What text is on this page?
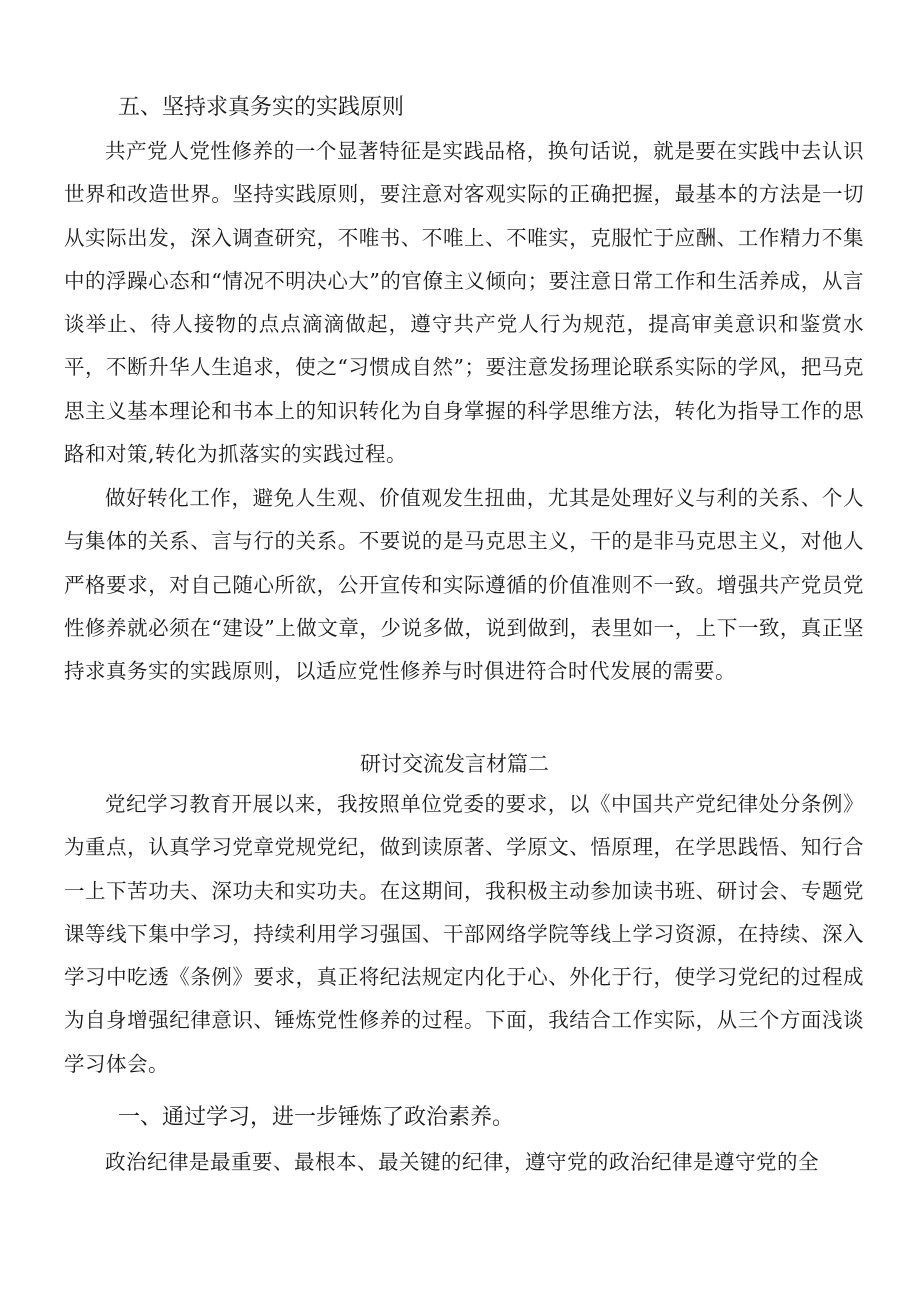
五、坚持求真务实的实践原则

共产党人党性修养的一个显著特征是实践品格，换句话说，就是要在实践中去认识世界和改造世界。坚持实践原则，要注意对客观实际的正确把握，最基本的方法是一切从实际出发，深入调查研究，不唯书、不唯上、不唯实，克服忙于应酬、工作精力不集中的浮躁心态和“情况不明决心大”的官僚主义倾向；要注意日常工作和生活养成，从言谈举止、待人接物的点点滴滴做起，遵守共产党人行为规范，提高审美意识和鉴赏水平，不断升华人生追求，使之“习惯成自然”；要注意发扬理论联系实际的学风，把马克思主义基本理论和书本上的知识转化为自身掌握的科学思维方法，转化为指导工作的思路和对策,转化为抓落实的实践过程。

做好转化工作，避免人生观、价值观发生扭曲，尤其是处理好义与利的关系、个人与集体的关系、言与行的关系。不要说的是马克思主义，干的是非马克思主义，对他人严格要求，对自己随心所欲，公开宣传和实际遵循的价值准则不一致。增强共产党员党性修养就必须在“建设”上做文章，少说多做，说到做到，表里如一，上下一致，真正坚持求真务实的实践原则，以适应党性修养与时俱进符合时代发展的需要。

研讨交流发言材篇二

党纪学习教育开展以来，我按照单位党委的要求，以《中国共产党纪律处分条例》为重点，认真学习党章党规党纪，做到读原著、学原文、悟原理，在学思践悟、知行合一上下苦功夫、深功夫和实功夫。在这期间，我积极主动参加读书班、研讨会、专题党课等线下集中学习，持续利用学习强国、干部网络学院等线上学习资源，在持续、深入学习中吃透《条例》要求，真正将纪法规定内化于心、外化于行，使学习党纪的过程成为自身增强纪律意识、锤炼党性修养的过程。下面，我结合工作实际，从三个方面浅谈学习体会。

一、通过学习，进一步锤炼了政治素养。

政治纪律是最重要、最根本、最关键的纪律，遵守党的政治纪律是遵守党的全
